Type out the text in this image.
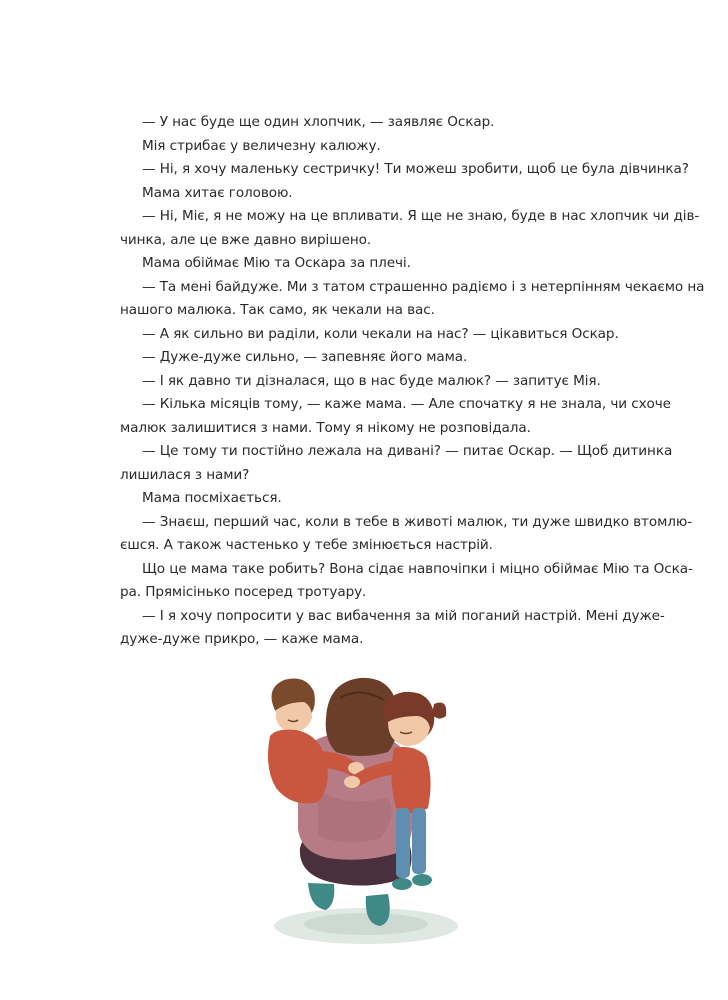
— У нас буде ще один хлопчик, — заявляє Оскар.
Мія стрибає у величезну калюжу.
— Ні, я хочу маленьку сестричку! Ти можеш зробити, щоб це була дівчинка?
Мама хитає головою.
— Ні, Міє, я не можу на це впливати. Я ще не знаю, буде в нас хлопчик чи дів-
чинка, але це вже давно вирішено.
Мама обіймає Мію та Оскара за плечі.
— Та мені байдуже. Ми з татом страшенно радіємо і з нетерпінням чекаємо на
нашого малюка. Так само, як чекали на вас.
— А як сильно ви раділи, коли чекали на нас? — цікавиться Оскар.
— Дуже-дуже сильно, — запевняє його мама.
— І як давно ти дізналася, що в нас буде малюк? — запитує Мія.
— Кілька місяців тому, — каже мама. — Але спочатку я не знала, чи схоче
малюк залишитися з нами. Тому я нікому не розповідала.
— Це тому ти постійно лежала на дивані? — питає Оскар. — Щоб дитинка
лишилася з нами?
Мама посміхається.
— Знаєш, перший час, коли в тебе в животі малюк, ти дуже швидко втомлю-
єшся. А також частенько у тебе змінюється настрій.
Що це мама таке робить? Вона сідає навпочіпки і міцно обіймає Мію та Оска-
ра. Прямісінько посеред тротуару.
— І я хочу попросити у вас вибачення за мій поганий настрій. Мені дуже-
дуже-дуже прикро, — каже мама.
